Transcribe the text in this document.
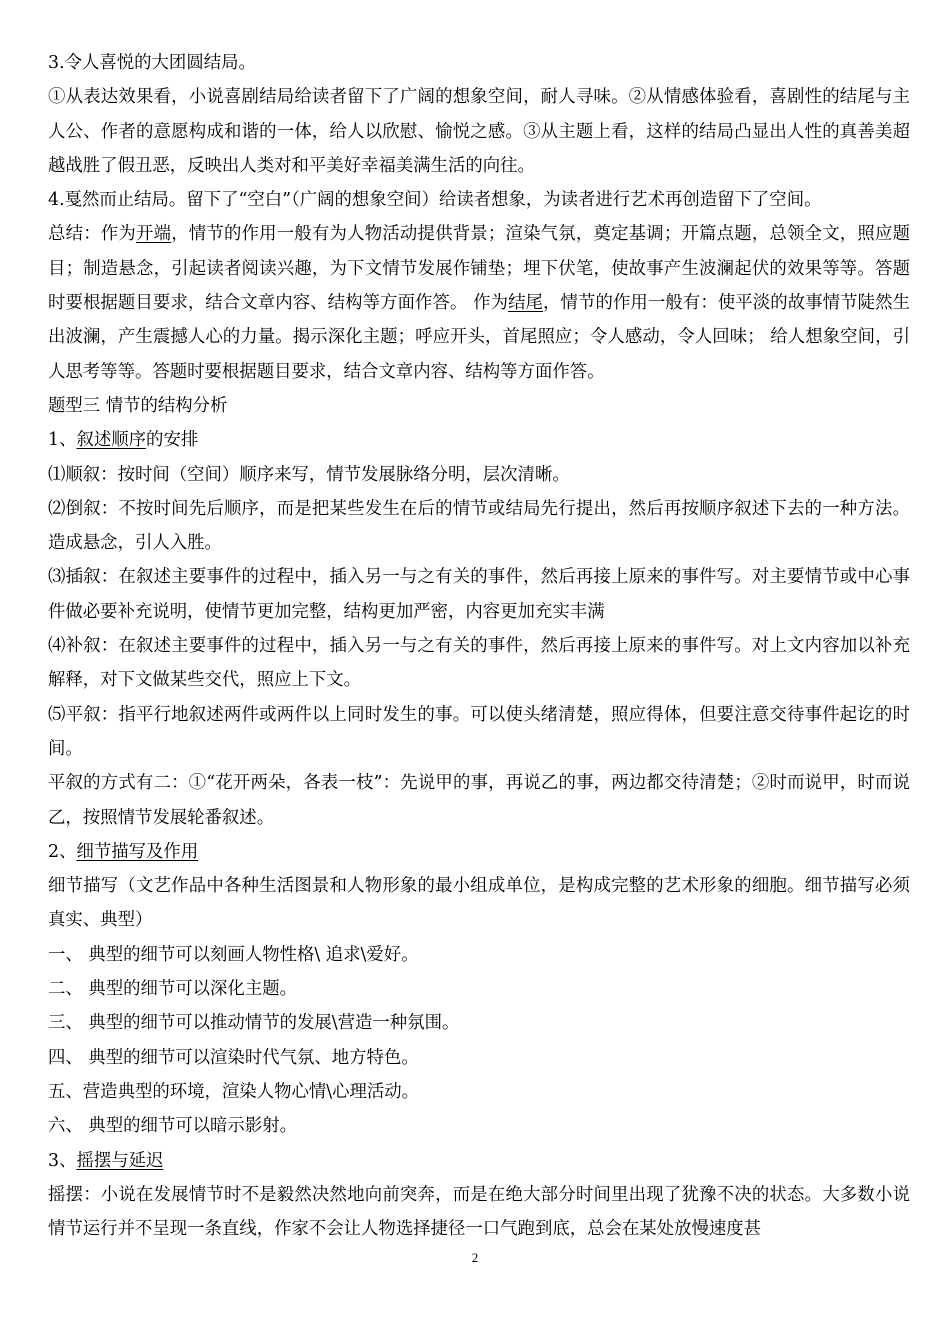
3.令人喜悦的大团圆结局。

①从表达效果看，小说喜剧结局给读者留下了广阔的想象空间，耐人寻味。②从情感体验看，喜剧性的结尾与主人公、作者的意愿构成和谐的一体，给人以欣慰、愉悦之感。③从主题上看，这样的结局凸显出人性的真善美超越战胜了假丑恶，反映出人类对和平美好幸福美满生活的向往。

4.戛然而止结局。留下了“空白”（广阔的想象空间）给读者想象，为读者进行艺术再创造留下了空间。

总结：作为开端，情节的作用一般有为人物活动提供背景；渲染气氛，奠定基调；开篇点题，总领全文，照应题目；制造悬念，引起读者阅读兴趣，为下文情节发展作铺垫；埋下伏笔，使故事产生波澜起伏的效果等等。答题时要根据题目要求，结合文章内容、结构等方面作答。 作为结尾，情节的作用一般有：使平淡的故事情节陡然生出波澜，产生震撼人心的力量。揭示深化主题；呼应开头，首尾照应；令人感动，令人回味； 给人想象空间，引人思考等等。答题时要根据题目要求，结合文章内容、结构等方面作答。

题型三 情节的结构分析

1、叙述顺序的安排

⑴顺叙：按时间（空间）顺序来写，情节发展脉络分明，层次清晰。

⑵倒叙：不按时间先后顺序，而是把某些发生在后的情节或结局先行提出，然后再按顺序叙述下去的一种方法。造成悬念，引人入胜。

⑶插叙：在叙述主要事件的过程中，插入另一与之有关的事件，然后再接上原来的事件写。对主要情节或中心事件做必要补充说明，使情节更加完整，结构更加严密，内容更加充实丰满

⑷补叙：在叙述主要事件的过程中，插入另一与之有关的事件，然后再接上原来的事件写。对上文内容加以补充解释，对下文做某些交代，照应上下文。

⑸平叙：指平行地叙述两件或两件以上同时发生的事。可以使头绪清楚，照应得体，但要注意交待事件起讫的时间。

平叙的方式有二：①“花开两朵，各表一枝”：先说甲的事，再说乙的事，两边都交待清楚；②时而说甲，时而说乙，按照情节发展轮番叙述。

2、细节描写及作用

细节描写（文艺作品中各种生活图景和人物形象的最小组成单位，是构成完整的艺术形象的细胞。细节描写必须真实、典型）

一、 典型的细节可以刻画人物性格\ 追求\爱好。

二、 典型的细节可以深化主题。

三、 典型的细节可以推动情节的发展\营造一种氛围。

四、 典型的细节可以渲染时代气氛、地方特色。

五、营造典型的环境，渲染人物心情\心理活动。

六、 典型的细节可以暗示影射。

3、摇摆与延迟

摇摆：小说在发展情节时不是毅然决然地向前突奔，而是在绝大部分时间里出现了犹豫不决的状态。大多数小说情节运行并不呈现一条直线，作家不会让人物选择捷径一口气跑到底，总会在某处放慢速度甚

2
